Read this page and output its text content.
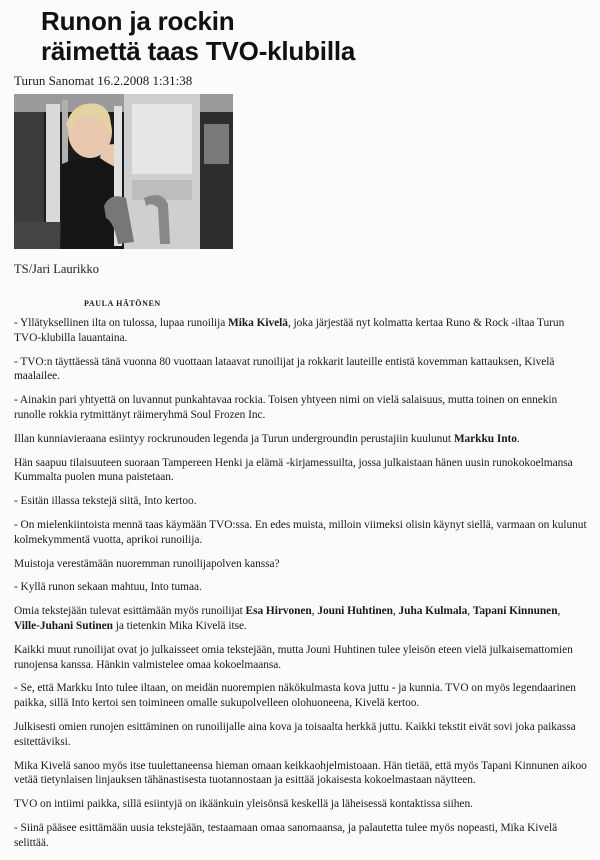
Runon ja rockin
räimettä taas TVO-klubilla
Turun Sanomat 16.2.2008 1:31:38
TS/Jari Laurikko
PAULA HÄTÖNEN

- Yllätyksellinen ilta on tulossa, lupaa runoilija Mika Kivelä, joka järjestää nyt kolmatta kertaa Runo & Rock -iltaa Turun TVO-klubilla lauantaina.

- TVO:n täyttäessä tänä vuonna 80 vuottaan lataavat runoilijat ja rokkarit lauteille entistä kovemman kattauksen, Kivelä maalailee.

- Ainakin pari yhtyettä on luvannut punkahtavaa rockia. Toisen yhtyeen nimi on vielä salaisuus, mutta toinen on ennekin runolle rokkia rytmittänyt räimeryhmä Soul Frozen Inc.

Illan kunniavieraana esiintyy rockrunouden legenda ja Turun undergroundin perustajiin kuulunut Markku Into.

Hän saapuu tilaisuuteen suoraan Tampereen Henki ja elämä -kirjamessuilta, jossa julkaistaan hänen uusin runokokoelmansa Kummalta puolen muna paistetaan.

- Esitän illassa tekstejä siitä, Into kertoo.

- On mielenkiintoista mennä taas käymään TVO:ssa. En edes muista, milloin viimeksi olisin käynyt siellä, varmaan on kulunut kolmekymmentä vuotta, aprikoi runoilija.

Muistoja verestämään nuoremman runoilijapolven kanssa?

- Kyllä runon sekaan mahtuu, Into tumaa.

Omia tekstejään tulevat esittämään myös runoilijat Esa Hirvonen, Jouni Huhtinen, Juha Kulmala, Tapani Kinnunen, Ville-Juhani Sutinen ja tietenkin Mika Kivelä itse.

Kaikki muut runoilijat ovat jo julkaisseet omia tekstejään, mutta Jouni Huhtinen tulee yleisön eteen vielä julkaisemattomien runojensa kanssa. Hänkin valmistelee omaa kokoelmaansa.

- Se, että Markku Into tulee iltaan, on meidän nuorempien näkökulmasta kova juttu - ja kunnia. TVO on myös legendaarinen paikka, sillä Into kertoi sen toimineen omalle sukupolvelleen olohuoneena, Kivelä kertoo.

Julkisesti omien runojen esittäminen on runoilijalle aina kova ja toisaalta herkkä juttu. Kaikki tekstit eivät sovi joka paikassa esitettäviksi.

Mika Kivelä sanoo myös itse tuulettaneensa hieman omaan keikkaohjelmistoaan. Hän tietää, että myös Tapani Kinnunen aikoo vetää tietynlaisen linjauksen tähänastisesta tuotannostaan ja esittää jokaisesta kokoelmastaan näytteen.

TVO on intiimi paikka, sillä esiintyjä on ikäänkuin yleisönsä keskellä ja läheisessä kontaktissa siihen.

- Siinä pääsee esittämään uusia tekstejään, testaamaan omaa sanomaansa, ja palautetta tulee myös nopeasti, Mika Kivelä selittää.
